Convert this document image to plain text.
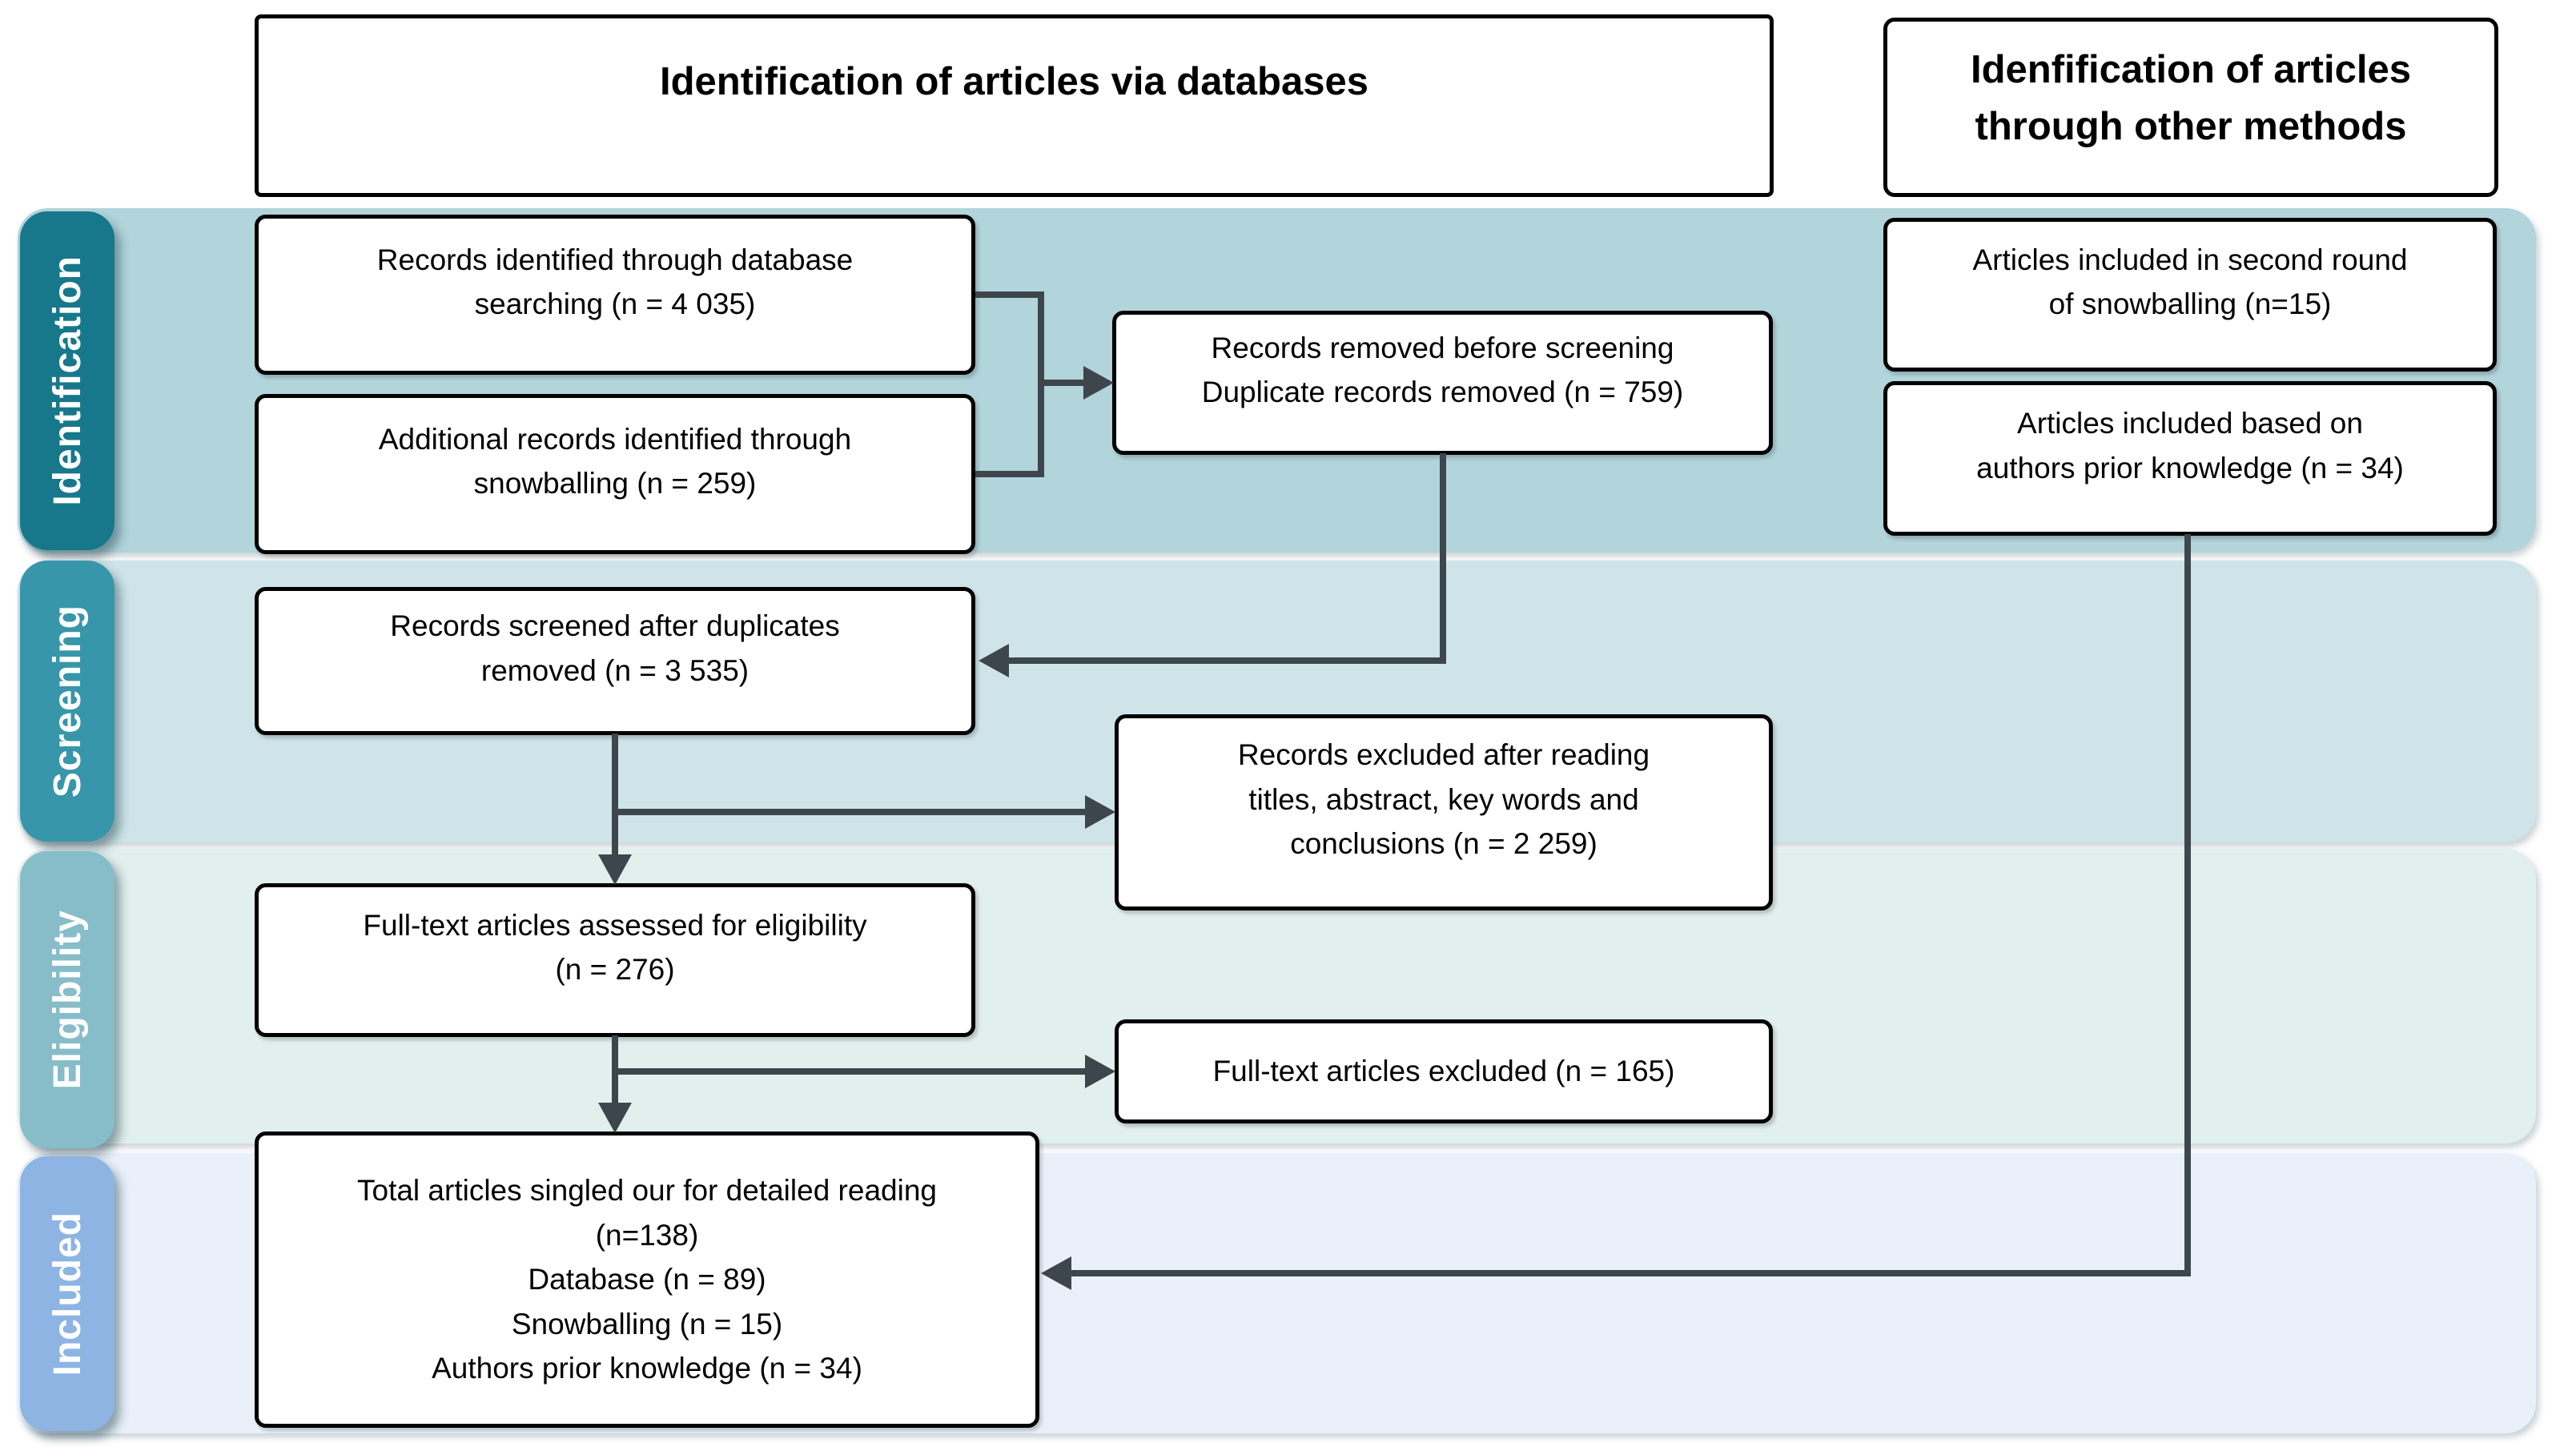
Identification
Screening
Eligibility
Included
Identification of articles via databases	Idenfification of articles
through other methods
Records identified through database
searching (n = 4 035)
Additional records identified through
snowballing (n = 259)
Records removed before screening
Duplicate records removed (n = 759)
Articles included in second round
of snowballing (n=15)
Articles included based on
authors prior knowledge (n = 34)
Records screened after duplicates
removed (n = 3 535)
Records excluded after reading
titles, abstract, key words and
conclusions (n = 2 259)
Full-text articles assessed for eligibility
(n = 276)
Full-text articles excluded (n = 165)
Total articles singled our for detailed reading
(n=138)
Database (n = 89)
Snowballing (n = 15)
Authors prior knowledge (n = 34)
